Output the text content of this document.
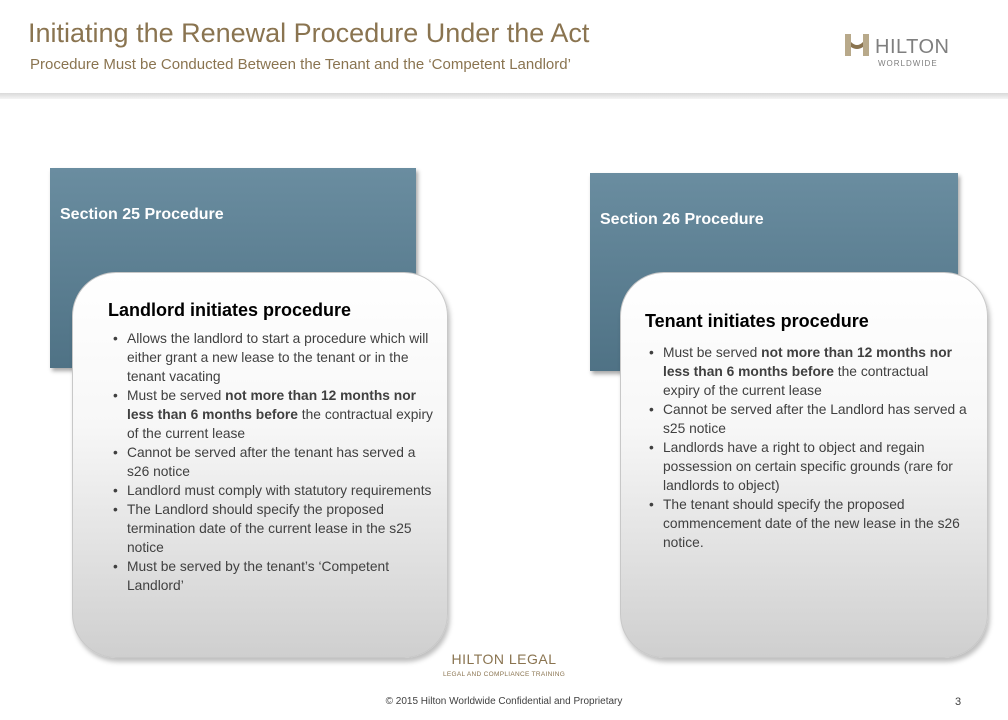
Initiating the Renewal Procedure Under the Act
Procedure Must be Conducted Between the Tenant and the ‘Competent Landlord’
HILTON
WORLDWIDE
Section 25 Procedure	Section 26 Procedure
Landlord initiates procedure
• Allows the landlord to start a procedure which will either grant a new lease to the tenant or in the tenant vacating
• Must be served not more than 12 months nor less than 6 months before the contractual expiry of the current lease
• Cannot be served after the tenant has served a s26 notice
• Landlord must comply with statutory requirements
• The Landlord should specify the proposed termination date of the current lease in the s25 notice
• Must be served by the tenant’s ‘Competent Landlord’
Tenant initiates procedure
• Must be served not more than 12 months nor less than 6 months before the contractual expiry of the current lease
• Cannot be served after the Landlord has served a s25 notice
• Landlords have a right to object and regain possession on certain specific grounds (rare for landlords to object)
• The tenant should specify the proposed commencement date of the new lease in the s26 notice.
HILTON LEGAL
LEGAL AND COMPLIANCE TRAINING
© 2015 Hilton Worldwide Confidential and Proprietary	3
